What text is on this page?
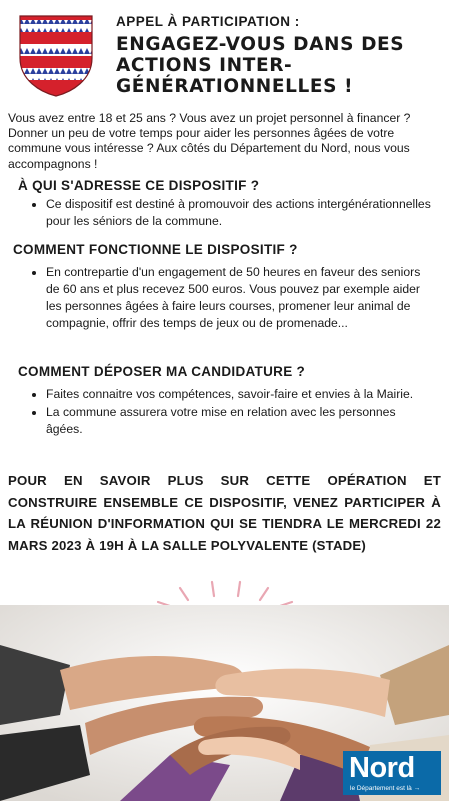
APPEL À PARTICIPATION :
ENGAGEZ-VOUS DANS DES ACTIONS INTER-GÉNÉRATIONNELLES !
Vous avez entre 18 et 25 ans ? Vous avez un projet personnel à financer ? Donner un peu de votre temps pour aider les personnes âgées de votre commune vous intéresse ? Aux côtés du Département du Nord, nous vous accompagnons !
À QUI S'ADRESSE CE DISPOSITIF ?
• Ce dispositif est destiné à promouvoir des actions intergénérationnelles pour les séniors de la commune.
COMMENT FONCTIONNE LE DISPOSITIF ?
• En contrepartie d'un engagement de 50 heures en faveur des seniors de 60 ans et plus recevez 500 euros. Vous pouvez par exemple aider les personnes âgées à faire leurs courses, promener leur animal de compagnie, offrir des temps de jeux ou de promenade...
COMMENT DÉPOSER MA CANDIDATURE ?
• Faites connaitre vos compétences, savoir-faire et envies à la Mairie.
• La commune assurera votre mise en relation avec les personnes âgées.
POUR EN SAVOIR PLUS SUR CETTE OPÉRATION ET CONSTRUIRE ENSEMBLE CE DISPOSITIF, VENEZ PARTICIPER À LA RÉUNION D'INFORMATION QUI SE TIENDRA LE MERCREDI 22 MARS 2023 À 19H À LA SALLE POLYVALENTE (STADE)
Nord
le Département est là →
